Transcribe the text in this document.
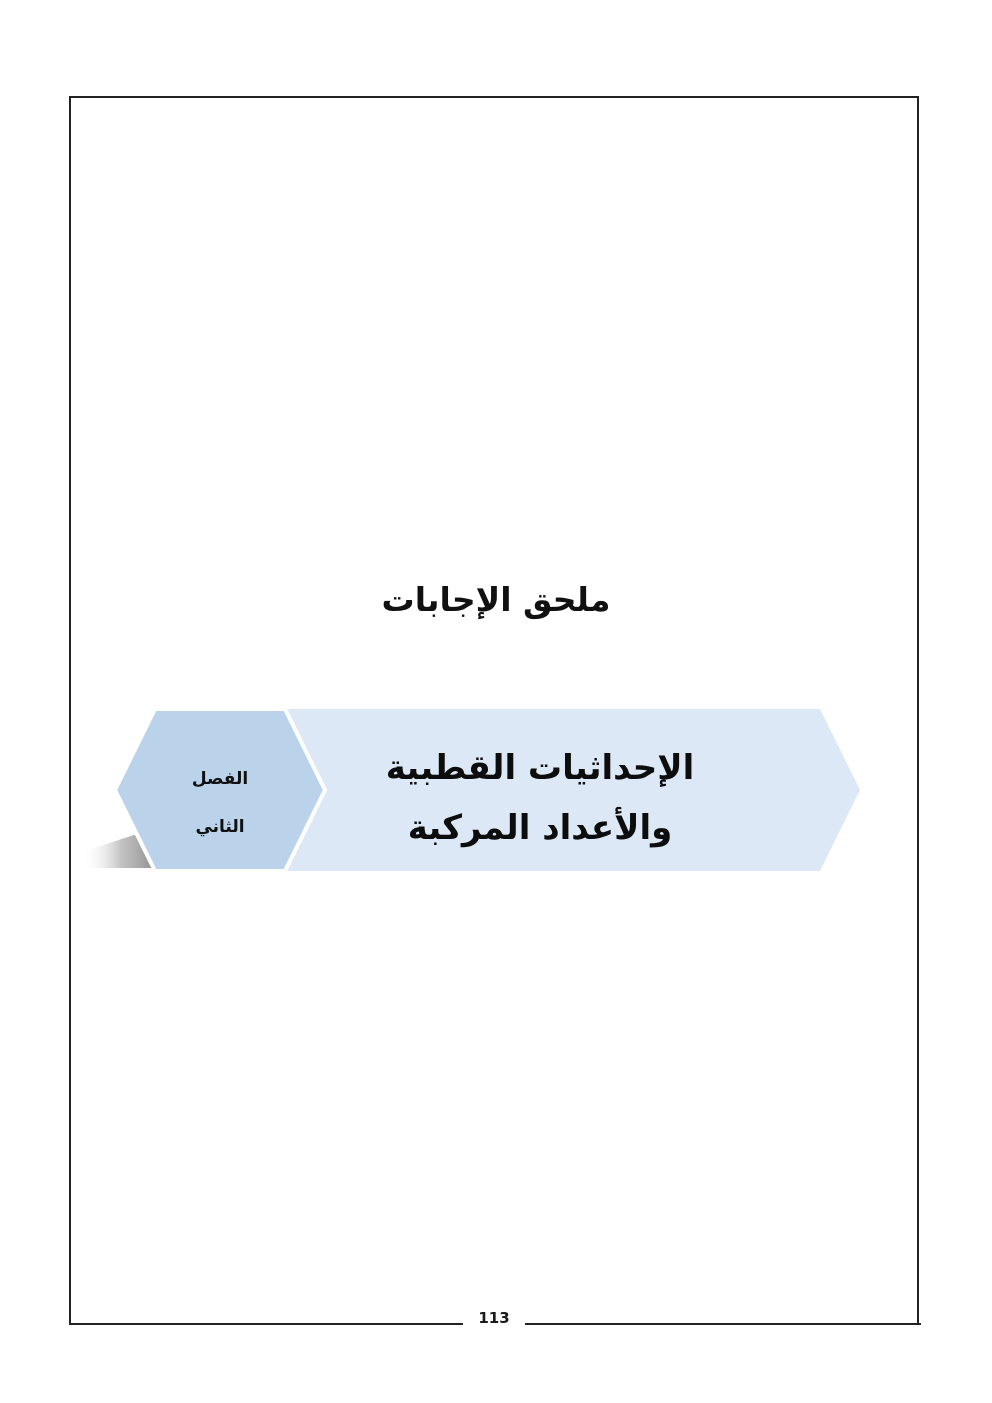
113
ملحق الإجابات
الإحداثيات القطبية
والأعداد المركبة
الفصل
الثاني
